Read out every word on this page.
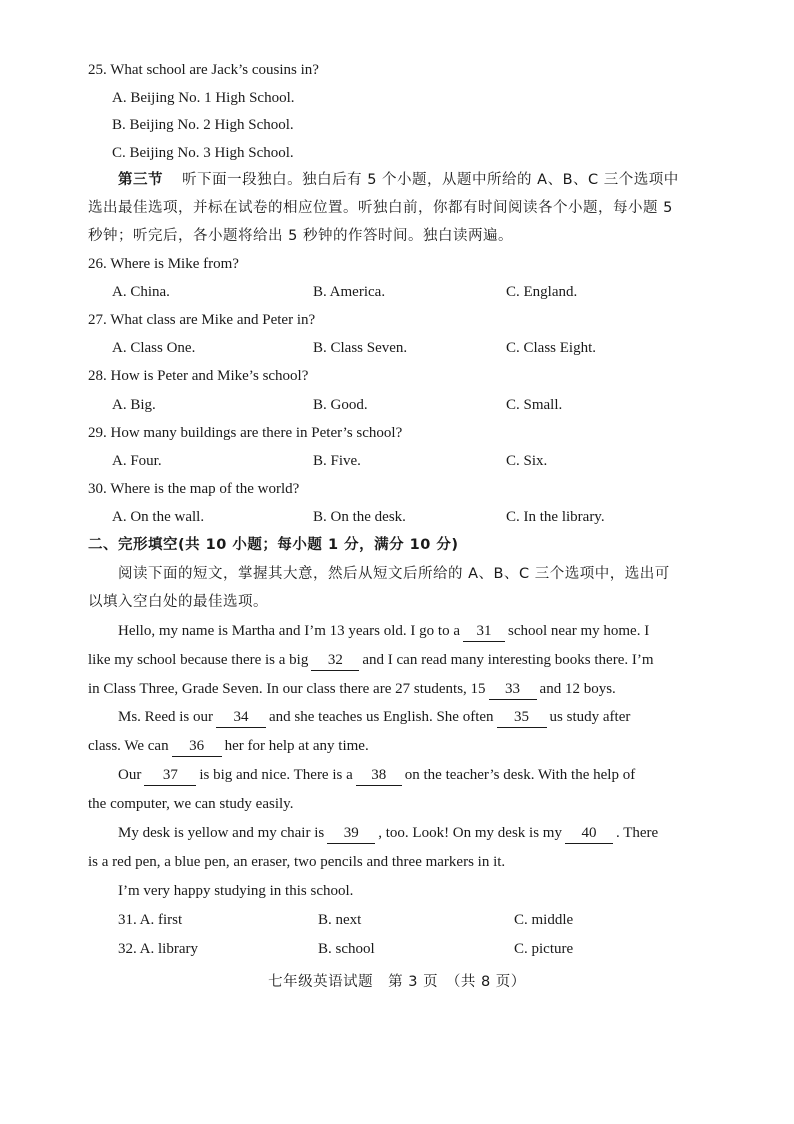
25. What school are Jack’s cousins in?
A. Beijing No. 1 High School.
B. Beijing No. 2 High School.
C. Beijing No. 3 High School.
第三节 听下面一段独白。独白后有 5 个小题，从题中所给的 A、B、C 三个选项中
选出最佳选项，并标在试卷的相应位置。听独白前，你都有时间阅读各个小题，每小题 5
秒钟；听完后，各小题将给出 5 秒钟的作答时间。独白读两遍。
26. Where is Mike from?
A. China.	B. America.	C. England.
27. What class are Mike and Peter in?
A. Class One.	B. Class Seven.	C. Class Eight.
28. How is Peter and Mike’s school?
A. Big.	B. Good.	C. Small.
29. How many buildings are there in Peter’s school?
A. Four.	B. Five.	C. Six.
30. Where is the map of the world?
A. On the wall.	B. On the desk.	C. In the library.
二、完形填空(共 10 小题；每小题 1 分，满分 10 分)
阅读下面的短文，掌握其大意，然后从短文后所给的 A、B、C 三个选项中，选出可
以填入空白处的最佳选项。
Hello, my name is Martha and I’m 13 years old. I go to a 31 school near my home. I
like my school because there is a big 32 and I can read many interesting books there. I’m
in Class Three, Grade Seven. In our class there are 27 students, 15 33 and 12 boys.
Ms. Reed is our 34 and she teaches us English. She often 35 us study after
class. We can 36 her for help at any time.
Our 37 is big and nice. There is a 38 on the teacher’s desk. With the help of
the computer, we can study easily.
My desk is yellow and my chair is 39 , too. Look! On my desk is my 40 . There
is a red pen, a blue pen, an eraser, two pencils and three markers in it.
I’m very happy studying in this school.
31. A. first	B. next	C. middle
32. A. library	B. school	C. picture
七年级英语试题　第 3 页　（共 8 页）
